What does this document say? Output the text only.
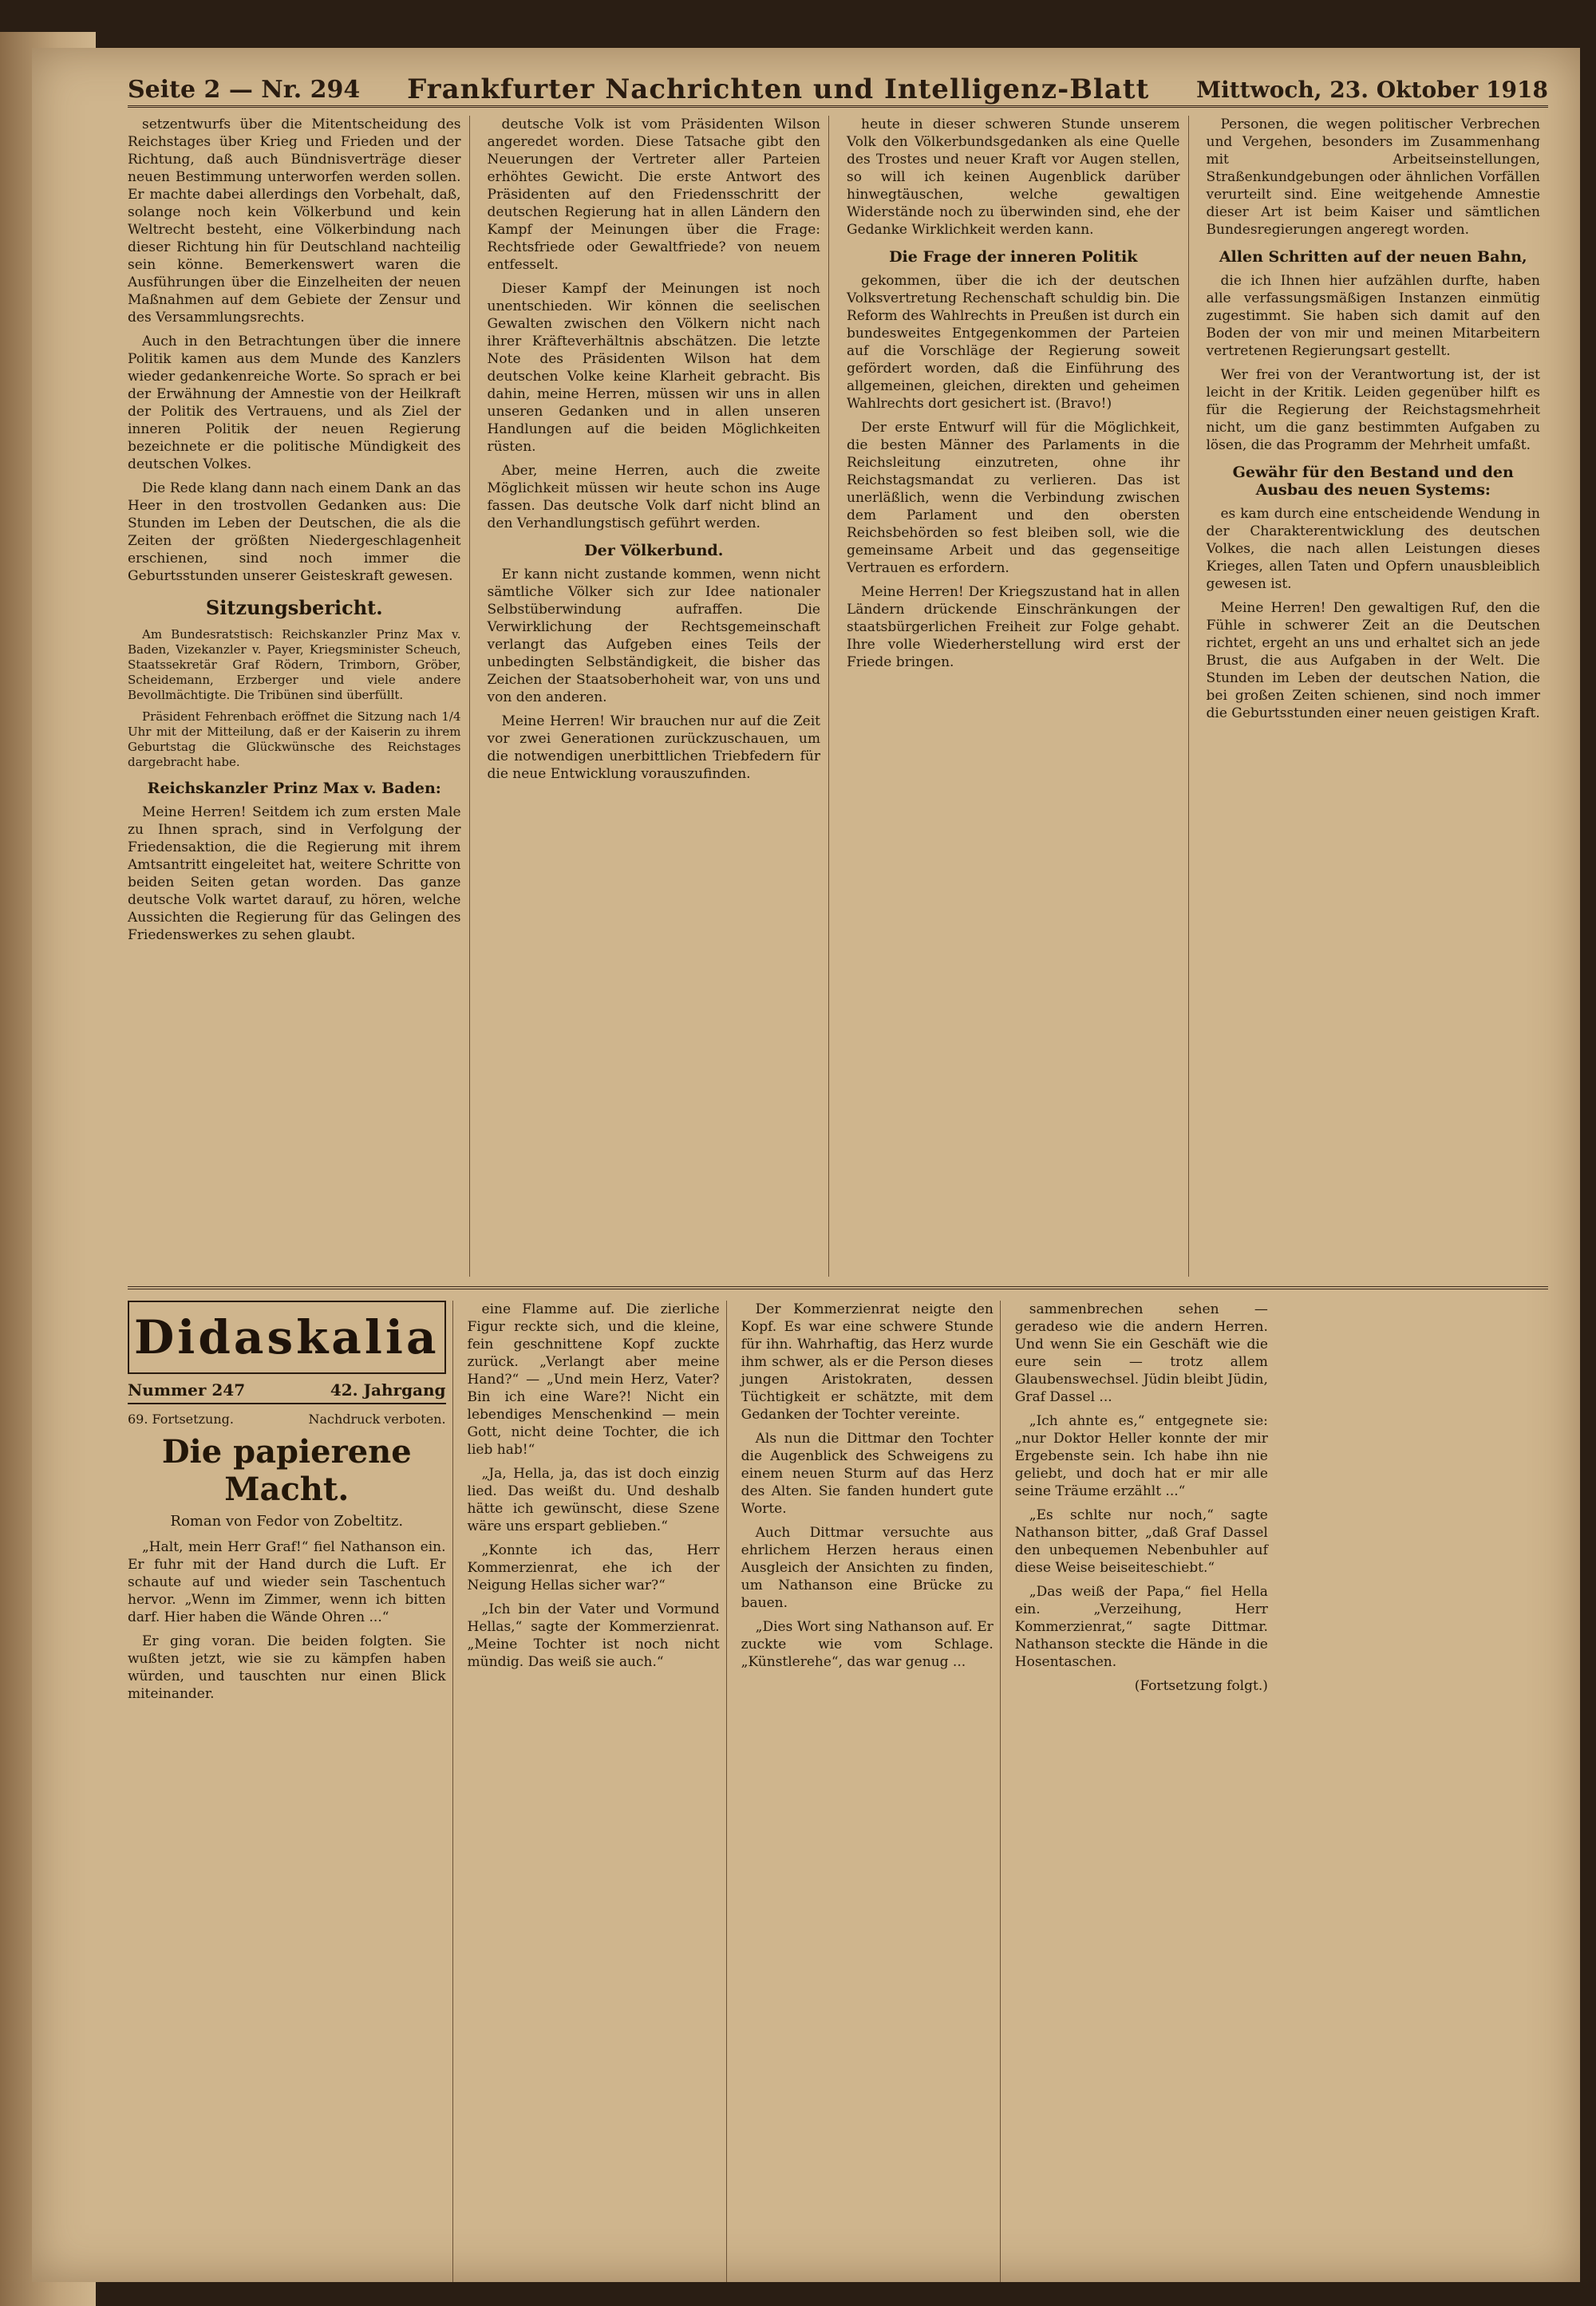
Seite 2 — Nr. 294 Frankfurter Nachrichten und Intelligenz-Blatt Mittwoch, 23. Oktober 1918

setzentwurfs über die Mitentscheidung des Reichstages über Krieg und Frieden und der Richtung, daß auch Bündnisverträge dieser neuen Bestimmung unterworfen werden sollen. Er machte dabei allerdings den Vorbehalt, daß, solange noch kein Völkerbund und kein Weltrecht besteht, eine Völkerbindung nach dieser Richtung hin für Deutschland nachteilig sein könne. Bemerkenswert waren die Ausführungen über die Einzelheiten der neuen Maßnahmen auf dem Gebiete der Zensur und des Versammlungsrechts.

Auch in den Betrachtungen über die innere Politik kamen aus dem Munde des Kanzlers wieder gedankenreiche Worte. So sprach er bei der Erwähnung der Amnestie von der Heilkraft der Politik des Vertrauens, und als Ziel der inneren Politik der neuen Regierung bezeichnete er die politische Mündigkeit des deutschen Volkes.

Die Rede klang dann nach einem Dank an das Heer in den trostvollen Gedanken aus: Die Stunden im Leben der Deutschen, die als die Zeiten der größten Niedergeschlagenheit erschienen, sind noch immer die Geburtsstunden unserer Geisteskraft gewesen.

Sitzungsbericht.

Am Bundesratstisch: Reichskanzler Prinz Max v. Baden, Vizekanzler v. Payer, Kriegsminister Scheuch, Staatssekretär Graf Rödern, Trimborn, Gröber, Scheidemann, Erzberger und viele andere Bevollmächtigte. Die Tribünen sind überfüllt.

Präsident Fehrenbach eröffnet die Sitzung nach 1/4 Uhr mit der Mitteilung, daß er der Kaiserin zu ihrem Geburtstag die Glückwünsche des Reichstages dargebracht habe.

Reichskanzler Prinz Max v. Baden:

Meine Herren! Seitdem ich zum ersten Male zu Ihnen sprach, sind in Verfolgung der Friedensaktion, die die Regierung mit ihrem Amtsantritt eingeleitet hat, weitere Schritte von beiden Seiten getan worden. Das ganze deutsche Volk wartet darauf, zu hören, welche Aussichten die Regierung für das Gelingen des Friedenswerkes zu sehen glaubt.

deutsche Volk ist vom Präsidenten Wilson angeredet worden. Diese Tatsache gibt den Neuerungen der Vertreter aller Parteien erhöhtes Gewicht. Die erste Antwort des Präsidenten auf den Friedensschritt der deutschen Regierung hat in allen Ländern den Kampf der Meinungen über die Frage: Rechtsfriede oder Gewaltfriede? von neuem entfesselt.

Dieser Kampf der Meinungen ist noch unentschieden. Wir können die seelischen Gewalten zwischen den Völkern nicht nach ihrer Kräfteverhältnis abschätzen. Die letzte Note des Präsidenten Wilson hat dem deutschen Volke keine Klarheit gebracht. Bis dahin, meine Herren, müssen wir uns in allen unseren Gedanken und in allen unseren Handlungen auf die beiden Möglichkeiten rüsten.

Aber, meine Herren, auch die zweite Möglichkeit müssen wir heute schon ins Auge fassen. Das deutsche Volk darf nicht blind an den Verhandlungstisch geführt werden.

Der Völkerbund.

Er kann nicht zustande kommen, wenn nicht sämtliche Völker sich zur Idee nationaler Selbstüberwindung aufraffen. Die Verwirklichung der Rechtsgemeinschaft verlangt das Aufgeben eines Teils der unbedingten Selbständigkeit, die bisher das Zeichen der Staatsoberhoheit war, von uns und von den anderen.

Meine Herren! Wir brauchen nur auf die Zeit vor zwei Generationen zurückzuschauen, um die notwendigen unerbittlichen Triebfedern für die neue Entwicklung vorauszufinden.

heute in dieser schweren Stunde unserem Volk den Völkerbundsgedanken als eine Quelle des Trostes und neuer Kraft vor Augen stellen, so will ich keinen Augenblick darüber hinwegtäuschen, welche gewaltigen Widerstände noch zu überwinden sind, ehe der Gedanke Wirklichkeit werden kann.

Die Frage der inneren Politik

gekommen, über die ich der deutschen Volksvertretung Rechenschaft schuldig bin. Die Reform des Wahlrechts in Preußen ist durch ein bundesweites Entgegenkommen der Parteien auf die Vorschläge der Regierung soweit gefördert worden, daß die Einführung des allgemeinen, gleichen, direkten und geheimen Wahlrechts dort gesichert ist. (Bravo!)

Der erste Entwurf will für die Möglichkeit, die besten Männer des Parlaments in die Reichsleitung einzutreten, ohne ihr Reichstagsmandat zu verlieren. Das ist unerläßlich, wenn die Verbindung zwischen dem Parlament und den obersten Reichsbehörden so fest bleiben soll, wie die gemeinsame Arbeit und das gegenseitige Vertrauen es erfordern.

Meine Herren! Der Kriegszustand hat in allen Ländern drückende Einschränkungen der staatsbürgerlichen Freiheit zur Folge gehabt. Ihre volle Wiederherstellung wird erst der Friede bringen.

Personen, die wegen politischer Verbrechen und Vergehen, besonders im Zusammenhang mit Arbeitseinstellungen, Straßenkundgebungen oder ähnlichen Vorfällen verurteilt sind. Eine weitgehende Amnestie dieser Art ist beim Kaiser und sämtlichen Bundesregierungen angeregt worden.

Allen Schritten auf der neuen Bahn,

die ich Ihnen hier aufzählen durfte, haben alle verfassungsmäßigen Instanzen einmütig zugestimmt. Sie haben sich damit auf den Boden der von mir und meinen Mitarbeitern vertretenen Regierungsart gestellt.

Wer frei von der Verantwortung ist, der ist leicht in der Kritik. Leiden gegenüber hilft es für die Regierung der Reichstagsmehrheit nicht, um die ganz bestimmten Aufgaben zu lösen, die das Programm der Mehrheit umfaßt.

Gewähr für den Bestand und den Ausbau des neuen Systems:

es kam durch eine entscheidende Wendung in der Charakterentwicklung des deutschen Volkes, die nach allen Leistungen dieses Krieges, allen Taten und Opfern unausbleiblich gewesen ist.

Meine Herren! Den gewaltigen Ruf, den die Fühle in schwerer Zeit an die Deutschen richtet, ergeht an uns und erhaltet sich an jede Brust, die aus Aufgaben in der Welt. Die Stunden im Leben der deutschen Nation, die bei großen Zeiten schienen, sind noch immer die Geburtsstunden einer neuen geistigen Kraft.

Didaskalia
Nummer 247	42. Jahrgang
69. Fortsetzung.	Nachdruck verboten.
Die papierene Macht.
Roman von Fedor von Zobeltitz.

„Halt, mein Herr Graf!“ fiel Nathanson ein. Er fuhr mit der Hand durch die Luft. Er schaute auf und wieder sein Taschentuch hervor. „Wenn im Zimmer, wenn ich bitten darf. Hier haben die Wände Ohren ...“

Er ging voran. Die beiden folgten. Sie wußten jetzt, wie sie zu kämpfen haben würden, und tauschten nur einen Blick miteinander.

eine Flamme auf. Die zierliche Figur reckte sich, und die kleine, fein geschnittene Kopf zuckte zurück. „Verlangt aber meine Hand?“ — „Und mein Herz, Vater? Bin ich eine Ware?! Nicht ein lebendiges Menschenkind — mein Gott, nicht deine Tochter, die ich lieb hab!“

„Ja, Hella, ja, das ist doch einzig lied. Das weißt du. Und deshalb hätte ich gewünscht, diese Szene wäre uns erspart geblieben.“

„Konnte ich das, Herr Kommerzienrat, ehe ich der Neigung Hellas sicher war?“

„Ich bin der Vater und Vormund Hellas,“ sagte der Kommerzienrat. „Meine Tochter ist noch nicht mündig. Das weiß sie auch.“

Der Kommerzienrat neigte den Kopf. Es war eine schwere Stunde für ihn. Wahrhaftig, das Herz wurde ihm schwer, als er die Person dieses jungen Aristokraten, dessen Tüchtigkeit er schätzte, mit dem Gedanken der Tochter vereinte.

Als nun die Dittmar den Tochter die Augenblick des Schweigens zu einem neuen Sturm auf das Herz des Alten. Sie fanden hundert gute Worte.

Auch Dittmar versuchte aus ehrlichem Herzen heraus einen Ausgleich der Ansichten zu finden, um Nathanson eine Brücke zu bauen.

„Dies Wort sing Nathanson auf. Er zuckte wie vom Schlage. „Künstlerehe“, das war genug ...

sammenbrechen sehen — geradeso wie die andern Herren. Und wenn Sie ein Geschäft wie die eure sein — trotz allem Glaubenswechsel. Jüdin bleibt Jüdin, Graf Dassel ...

„Ich ahnte es,“ entgegnete sie: „nur Doktor Heller konnte der mir Ergebenste sein. Ich habe ihn nie geliebt, und doch hat er mir alle seine Träume erzählt ...“

„Es schlte nur noch,“ sagte Nathanson bitter, „daß Graf Dassel den unbequemen Nebenbuhler auf diese Weise beiseiteschiebt.“

„Das weiß der Papa,“ fiel Hella ein. „Verzeihung, Herr Kommerzienrat,“ sagte Dittmar. Nathanson steckte die Hände in die Hosentaschen.

(Fortsetzung folgt.)
